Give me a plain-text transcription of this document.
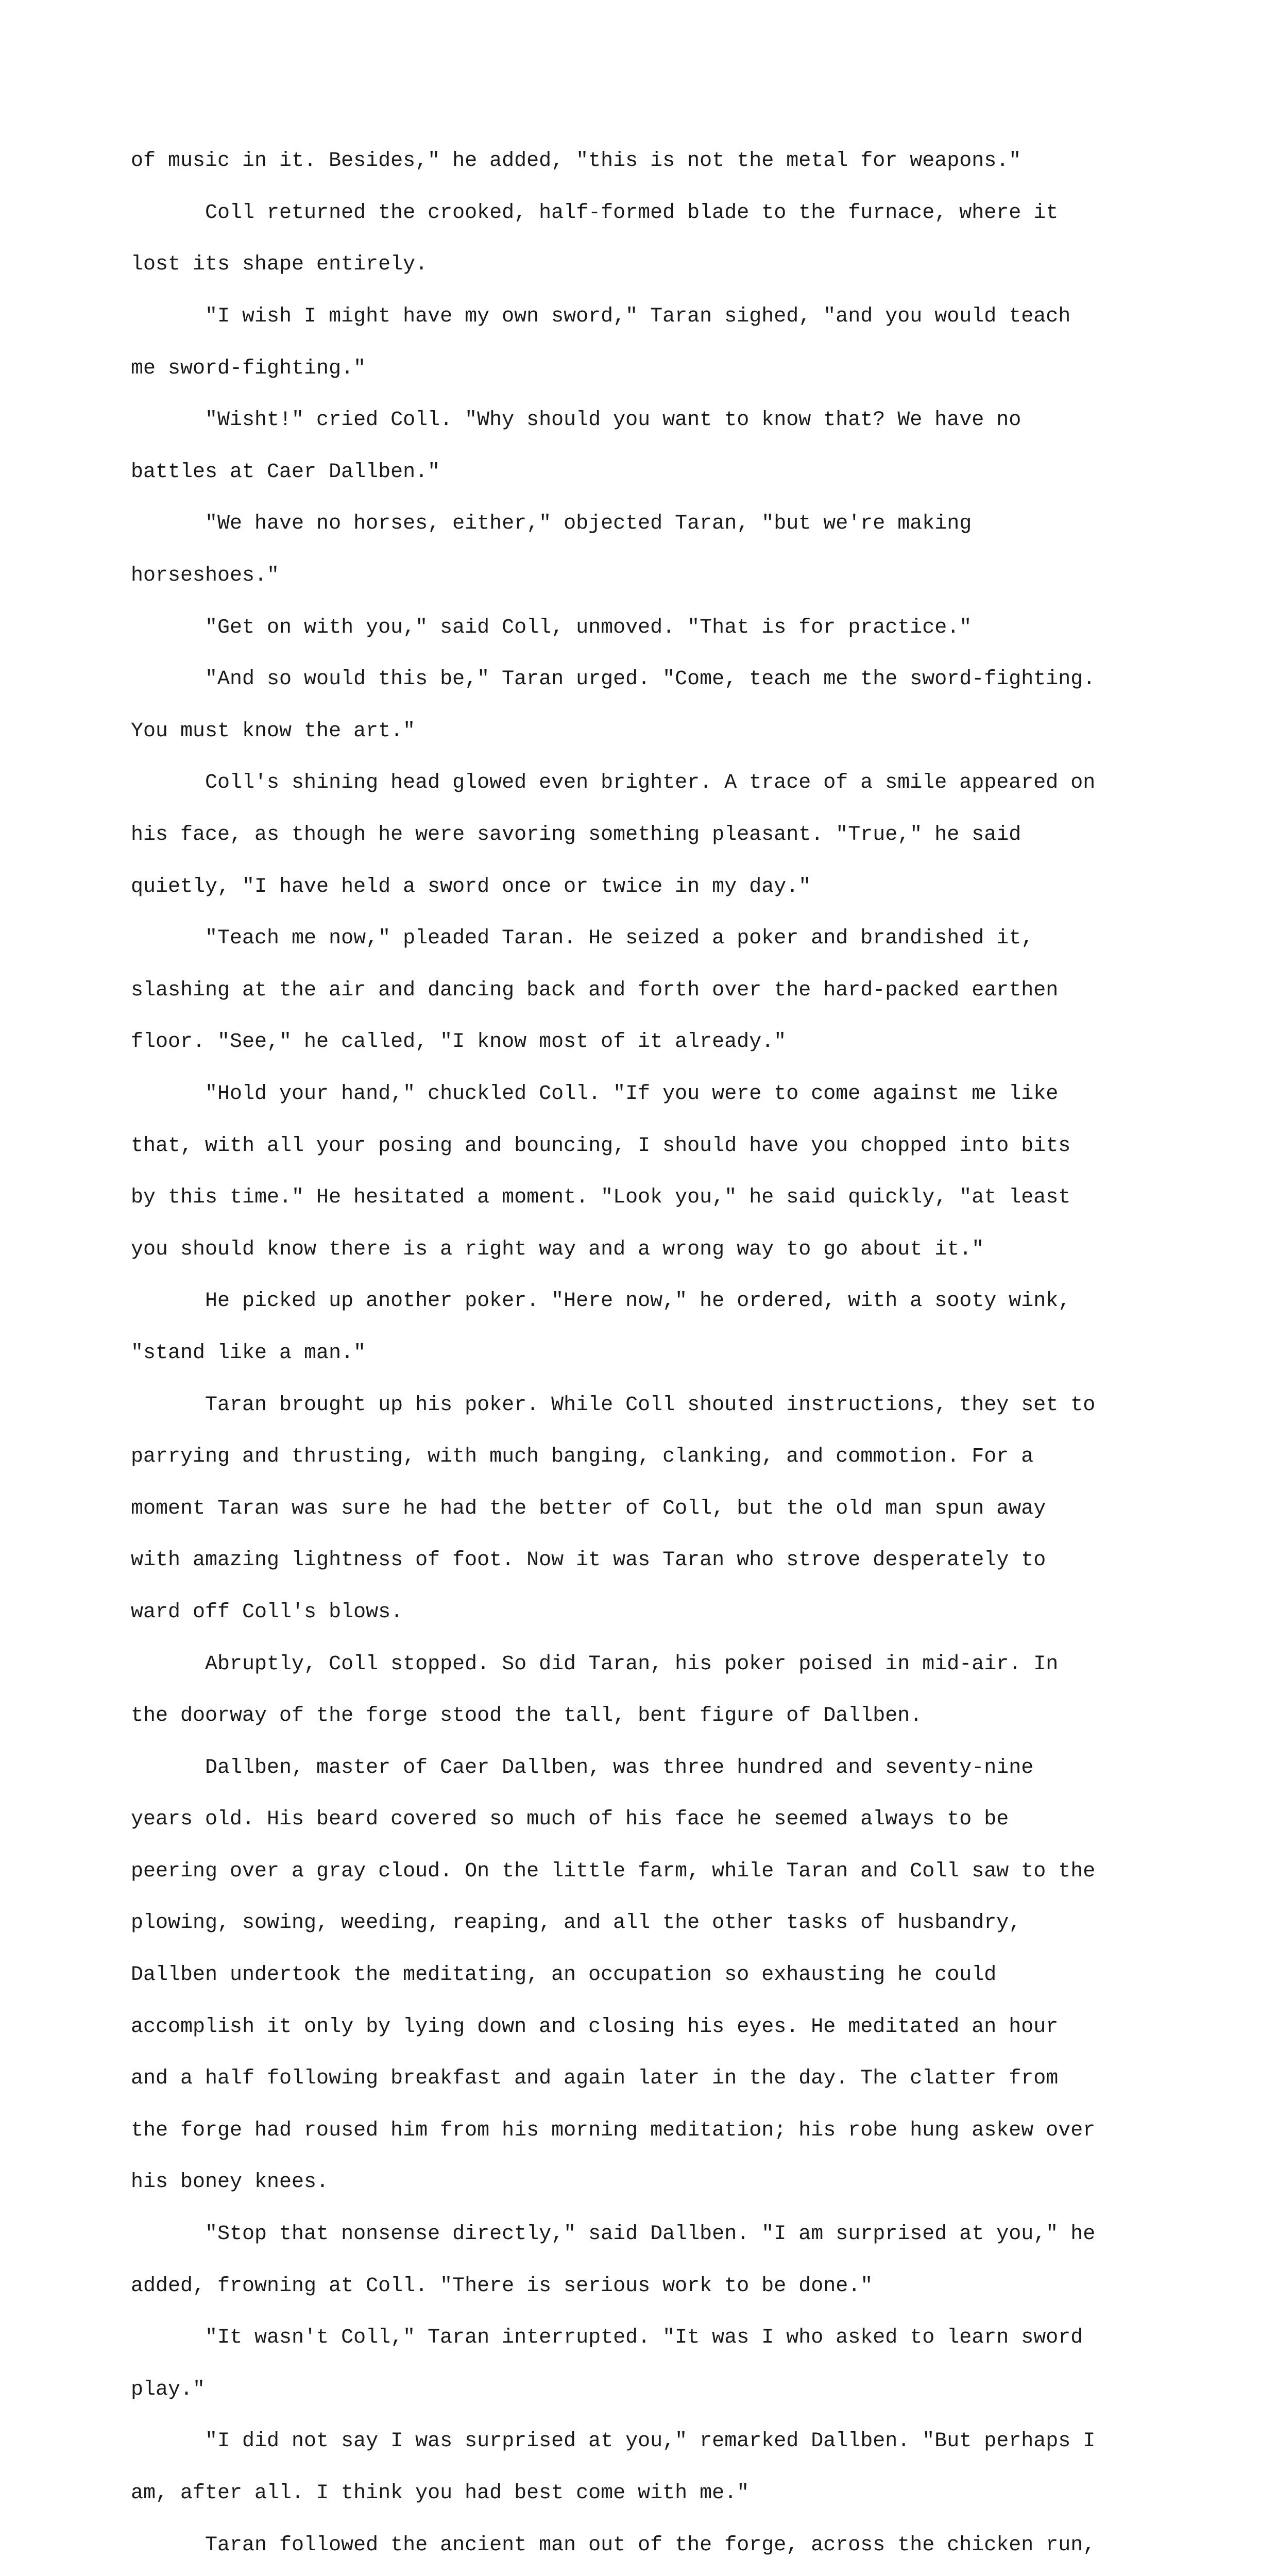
of music in it. Besides," he added, "this is not the metal for weapons."

Coll returned the crooked, half-formed blade to the furnace, where it

lost its shape entirely.

"I wish I might have my own sword," Taran sighed, "and you would teach

me sword-fighting."

"Wisht!" cried Coll. "Why should you want to know that? We have no

battles at Caer Dallben."

"We have no horses, either," objected Taran, "but we're making

horseshoes."

"Get on with you," said Coll, unmoved. "That is for practice."

"And so would this be," Taran urged. "Come, teach me the sword-fighting.

You must know the art."

Coll's shining head glowed even brighter. A trace of a smile appeared on

his face, as though he were savoring something pleasant. "True," he said

quietly, "I have held a sword once or twice in my day."

"Teach me now," pleaded Taran. He seized a poker and brandished it,

slashing at the air and dancing back and forth over the hard-packed earthen

floor. "See," he called, "I know most of it already."

"Hold your hand," chuckled Coll. "If you were to come against me like

that, with all your posing and bouncing, I should have you chopped into bits

by this time." He hesitated a moment. "Look you," he said quickly, "at least

you should know there is a right way and a wrong way to go about it."

He picked up another poker. "Here now," he ordered, with a sooty wink,

"stand like a man."

Taran brought up his poker. While Coll shouted instructions, they set to

parrying and thrusting, with much banging, clanking, and commotion. For a

moment Taran was sure he had the better of Coll, but the old man spun away

with amazing lightness of foot. Now it was Taran who strove desperately to

ward off Coll's blows.

Abruptly, Coll stopped. So did Taran, his poker poised in mid-air. In

the doorway of the forge stood the tall, bent figure of Dallben.

Dallben, master of Caer Dallben, was three hundred and seventy-nine

years old. His beard covered so much of his face he seemed always to be

peering over a gray cloud. On the little farm, while Taran and Coll saw to the

plowing, sowing, weeding, reaping, and all the other tasks of husbandry,

Dallben undertook the meditating, an occupation so exhausting he could

accomplish it only by lying down and closing his eyes. He meditated an hour

and a half following breakfast and again later in the day. The clatter from

the forge had roused him from his morning meditation; his robe hung askew over

his boney knees.

"Stop that nonsense directly," said Dallben. "I am surprised at you," he

added, frowning at Coll. "There is serious work to be done."

"It wasn't Coll," Taran interrupted. "It was I who asked to learn sword

play."

"I did not say I was surprised at you," remarked Dallben. "But perhaps I

am, after all. I think you had best come with me."

Taran followed the ancient man out of the forge, across the chicken run,
